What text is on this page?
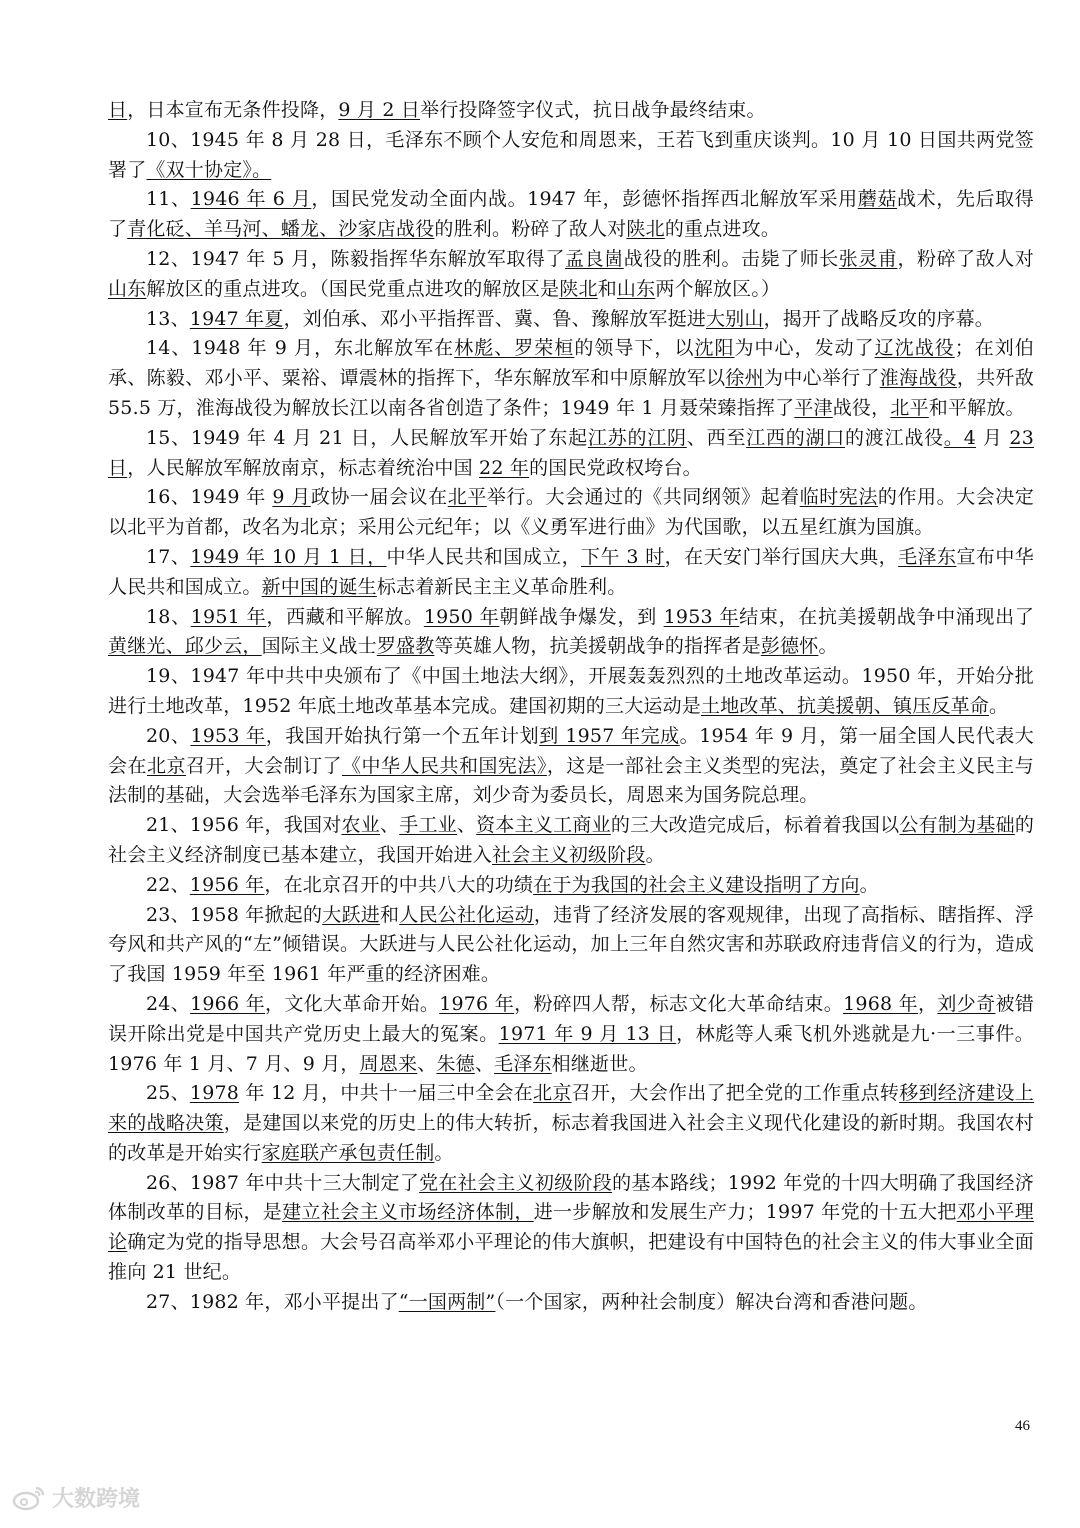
日，日本宣布无条件投降，9 月 2 日举行投降签字仪式，抗日战争最终结束。

10、1945 年 8 月 28 日，毛泽东不顾个人安危和周恩来，王若飞到重庆谈判。10 月 10 日国共两党签署了《双十协定》。

11、1946 年 6 月，国民党发动全面内战。1947 年，彭德怀指挥西北解放军采用蘑菇战术，先后取得了青化砭、羊马河、蟠龙、沙家店战役的胜利。粉碎了敌人对陕北的重点进攻。

12、1947 年 5 月，陈毅指挥华东解放军取得了孟良崮战役的胜利。击毙了师长张灵甫，粉碎了敌人对山东解放区的重点进攻。（国民党重点进攻的解放区是陕北和山东两个解放区。）

13、1947 年夏，刘伯承、邓小平指挥晋、冀、鲁、豫解放军挺进大别山，揭开了战略反攻的序幕。

14、1948 年 9 月，东北解放军在林彪、罗荣桓的领导下，以沈阳为中心，发动了辽沈战役；在刘伯承、陈毅、邓小平、粟裕、谭震林的指挥下，华东解放军和中原解放军以徐州为中心举行了淮海战役，共歼敌 55.5 万，淮海战役为解放长江以南各省创造了条件；1949 年 1 月聂荣臻指挥了平津战役，北平和平解放。

15、1949 年 4 月 21 日，人民解放军开始了东起江苏的江阴、西至江西的湖口的渡江战役。4 月 23 日，人民解放军解放南京，标志着统治中国 22 年的国民党政权垮台。

16、1949 年 9 月政协一届会议在北平举行。大会通过的《共同纲领》起着临时宪法的作用。大会决定以北平为首都，改名为北京；采用公元纪年；以《义勇军进行曲》为代国歌，以五星红旗为国旗。

17、1949 年 10 月 1 日，中华人民共和国成立，下午 3 时，在天安门举行国庆大典，毛泽东宣布中华人民共和国成立。新中国的诞生标志着新民主主义革命胜利。

18、1951 年，西藏和平解放。1950 年朝鲜战争爆发，到 1953 年结束，在抗美援朝战争中涌现出了黄继光、邱少云，国际主义战士罗盛教等英雄人物，抗美援朝战争的指挥者是彭德怀。

19、1947 年中共中央颁布了《中国土地法大纲》，开展轰轰烈烈的土地改革运动。1950 年，开始分批进行土地改革，1952 年底土地改革基本完成。建国初期的三大运动是土地改革、抗美援朝、镇压反革命。

20、1953 年，我国开始执行第一个五年计划到 1957 年完成。1954 年 9 月，第一届全国人民代表大会在北京召开，大会制订了《中华人民共和国宪法》，这是一部社会主义类型的宪法，奠定了社会主义民主与法制的基础，大会选举毛泽东为国家主席，刘少奇为委员长，周恩来为国务院总理。

21、1956 年，我国对农业、手工业、资本主义工商业的三大改造完成后，标着着我国以公有制为基础的社会主义经济制度已基本建立，我国开始进入社会主义初级阶段。

22、1956 年，在北京召开的中共八大的功绩在于为我国的社会主义建设指明了方向。

23、1958 年掀起的大跃进和人民公社化运动，违背了经济发展的客观规律，出现了高指标、瞎指挥、浮夸风和共产风的“左”倾错误。大跃进与人民公社化运动，加上三年自然灾害和苏联政府违背信义的行为，造成了我国 1959 年至 1961 年严重的经济困难。

24、1966 年，文化大革命开始。1976 年，粉碎四人帮，标志文化大革命结束。1968 年，刘少奇被错误开除出党是中国共产党历史上最大的冤案。1971 年 9 月 13 日，林彪等人乘飞机外逃就是九·一三事件。1976 年 1 月、7 月、9 月，周恩来、朱德、毛泽东相继逝世。

25、1978 年 12 月，中共十一届三中全会在北京召开，大会作出了把全党的工作重点转移到经济建设上来的战略决策，是建国以来党的历史上的伟大转折，标志着我国进入社会主义现代化建设的新时期。我国农村的改革是开始实行家庭联产承包责任制。

26、1987 年中共十三大制定了党在社会主义初级阶段的基本路线；1992 年党的十四大明确了我国经济体制改革的目标，是建立社会主义市场经济体制，进一步解放和发展生产力；1997 年党的十五大把邓小平理论确定为党的指导思想。大会号召高举邓小平理论的伟大旗帜，把建设有中国特色的社会主义的伟大事业全面推向 21 世纪。

27、1982 年，邓小平提出了“一国两制”（一个国家，两种社会制度）解决台湾和香港问题。

46
大数跨境
